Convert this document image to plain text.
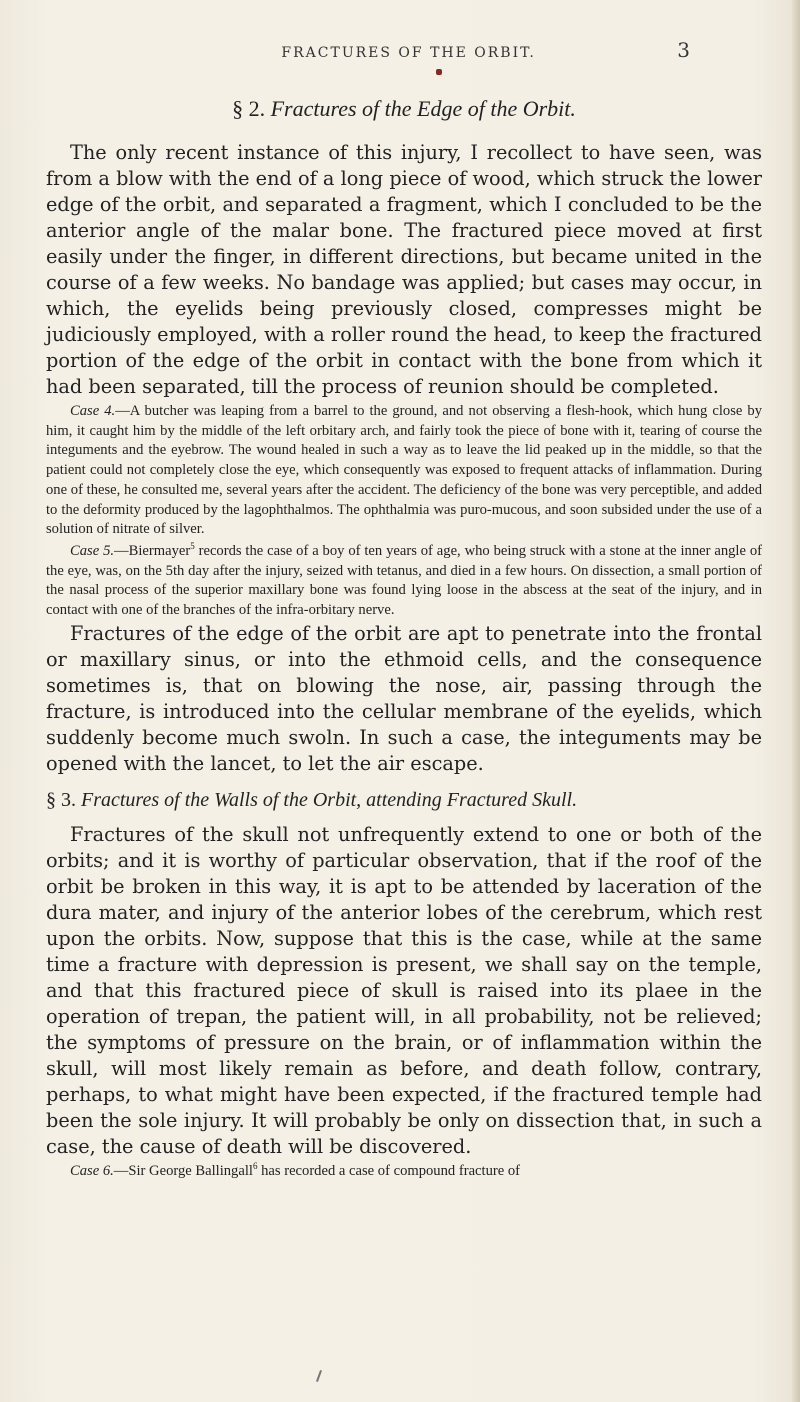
FRACTURES OF THE ORBIT.	3
§ 2. Fractures of the Edge of the Orbit.

The only recent instance of this injury, I recollect to have seen, was from a blow with the end of a long piece of wood, which struck the lower edge of the orbit, and separated a fragment, which I concluded to be the anterior angle of the malar bone. The fractured piece moved at first easily under the finger, in different directions, but became united in the course of a few weeks. No bandage was applied; but cases may occur, in which, the eyelids being previously closed, compresses might be judiciously employed, with a roller round the head, to keep the fractured portion of the edge of the orbit in contact with the bone from which it had been separated, till the process of reunion should be completed.

Case 4.—A butcher was leaping from a barrel to the ground, and not observing a flesh-hook, which hung close by him, it caught him by the middle of the left orbitary arch, and fairly took the piece of bone with it, tearing of course the integuments and the eyebrow. The wound healed in such a way as to leave the lid peaked up in the middle, so that the patient could not completely close the eye, which consequently was exposed to frequent attacks of inflammation. During one of these, he consulted me, several years after the accident. The deficiency of the bone was very perceptible, and added to the deformity produced by the lagophthalmos. The ophthalmia was puro-mucous, and soon subsided under the use of a solution of nitrate of silver.

Case 5.—Biermayer$^5$ records the case of a boy of ten years of age, who being struck with a stone at the inner angle of the eye, was, on the 5th day after the injury, seized with tetanus, and died in a few hours. On dissection, a small portion of the nasal process of the superior maxillary bone was found lying loose in the abscess at the seat of the injury, and in contact with one of the branches of the infra-orbitary nerve.

Fractures of the edge of the orbit are apt to penetrate into the frontal or maxillary sinus, or into the ethmoid cells, and the consequence sometimes is, that on blowing the nose, air, passing through the fracture, is introduced into the cellular membrane of the eyelids, which suddenly become much swoln. In such a case, the integuments may be opened with the lancet, to let the air escape.

§ 3. Fractures of the Walls of the Orbit, attending Fractured Skull.

Fractures of the skull not unfrequently extend to one or both of the orbits; and it is worthy of particular observation, that if the roof of the orbit be broken in this way, it is apt to be attended by laceration of the dura mater, and injury of the anterior lobes of the cerebrum, which rest upon the orbits. Now, suppose that this is the case, while at the same time a fracture with depression is present, we shall say on the temple, and that this fractured piece of skull is raised into its plaee in the operation of trepan, the patient will, in all probability, not be relieved; the symptoms of pressure on the brain, or of inflammation within the skull, will most likely remain as before, and death follow, contrary, perhaps, to what might have been expected, if the fractured temple had been the sole injury. It will probably be only on dissection that, in such a case, the cause of death will be discovered.

Case 6.—Sir George Ballingall$^6$ has recorded a case of compound fracture of
